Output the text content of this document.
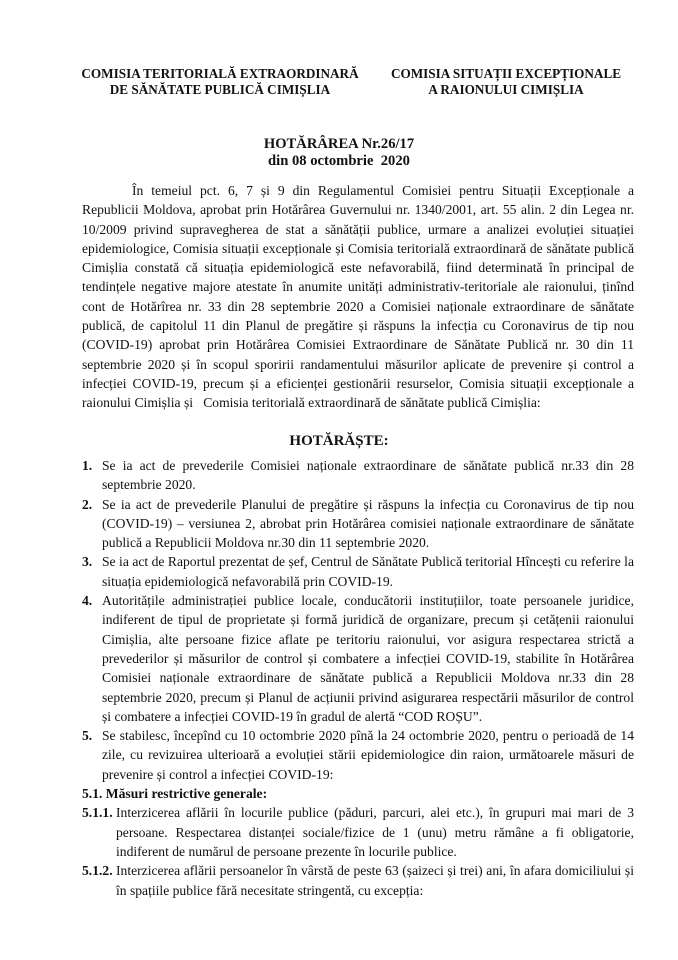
COMISIA TERITORIALĂ EXTRAORDINARĂ
DE SĂNĂTATE PUBLICĂ CIMIȘLIA
COMISIA SITUAȚII EXCEPȚIONALE
A RAIONULUI CIMIȘLIA
HOTĂRÂREA Nr.26/17
din 08 octombrie  2020

În temeiul pct. 6, 7 și 9 din Regulamentul Comisiei pentru Situații Excepționale a Republicii Moldova, aprobat prin Hotărârea Guvernului nr. 1340/2001, art. 55 alin. 2 din Legea nr. 10/2009 privind supravegherea de stat a sănătății publice, urmare a analizei evoluției situației epidemiologice, Comisia situații excepționale și Comisia teritorială extraordinară de sănătate publică Cimișlia constată că situația epidemiologică este nefavorabilă, fiind determinată în principal de tendințele negative majore atestate în anumite unități administrativ-teritoriale ale raionului, ținînd cont de Hotărîrea nr. 33 din 28 septembrie 2020 a Comisiei naționale extraordinare de sănătate publică, de capitolul 11 din Planul de pregătire și răspuns la infecția cu Coronavirus de tip nou (COVID-19) aprobat prin Hotărârea Comisiei Extraordinare de Sănătate Publică nr. 30 din 11 septembrie 2020 și în scopul sporirii randamentului măsurilor aplicate de prevenire și control a infecției COVID-19, precum și a eficienței gestionării resurselor, Comisia situații excepționale a raionului Cimișlia și   Comisia teritorială extraordinară de sănătate publică Cimișlia:

HOTĂRĂȘTE:
1. Se ia act de prevederile Comisiei naționale extraordinare de sănătate publică nr.33 din 28 septembrie 2020.
2. Se ia act de prevederile Planului de pregătire și răspuns la infecția cu Coronavirus de tip nou (COVID-19) – versiunea 2, abrobat prin Hotărârea comisiei naționale extraordinare de sănătate publică a Republicii Moldova nr.30 din 11 septembrie 2020.
3. Se ia act de Raportul prezentat de șef, Centrul de Sănătate Publică teritorial Hîncești cu referire la situația epidemiologică nefavorabilă prin COVID-19.
4. Autoritățile administrației publice locale, conducătorii instituțiilor, toate persoanele juridice, indiferent de tipul de proprietate și formă juridică de organizare, precum și cetățenii raionului Cimișlia, alte persoane fizice aflate pe teritoriu raionului, vor asigura respectarea strictă a prevederilor și măsurilor de control și combatere a infecției COVID-19, stabilite în Hotărârea Comisiei naționale extraordinare de sănătate publică a Republicii Moldova nr.33 din 28 septembrie 2020, precum și Planul de acțiunii privind asigurarea respectării măsurilor de control și combatere a infecției COVID-19 în gradul de alertă “COD ROȘU”.
5. Se stabilesc, începînd cu 10 octombrie 2020 pînă la 24 octombrie 2020, pentru o perioadă de 14 zile, cu revizuirea ulterioară a evoluției stării epidemiologice din raion, următoarele măsuri de prevenire și control a infecției COVID-19:
5.1. Măsuri restrictive generale:
5.1.1. Interzicerea aflării în locurile publice (păduri, parcuri, alei etc.), în grupuri mai mari de 3 persoane. Respectarea distanței sociale/fizice de 1 (unu) metru rămâne a fi obligatorie, indiferent de numărul de persoane prezente în locurile publice.
5.1.2. Interzicerea aflării persoanelor în vârstă de peste 63 (șaizeci și trei) ani, în afara domiciliului și în spațiile publice fără necesitate stringentă, cu excepția:
